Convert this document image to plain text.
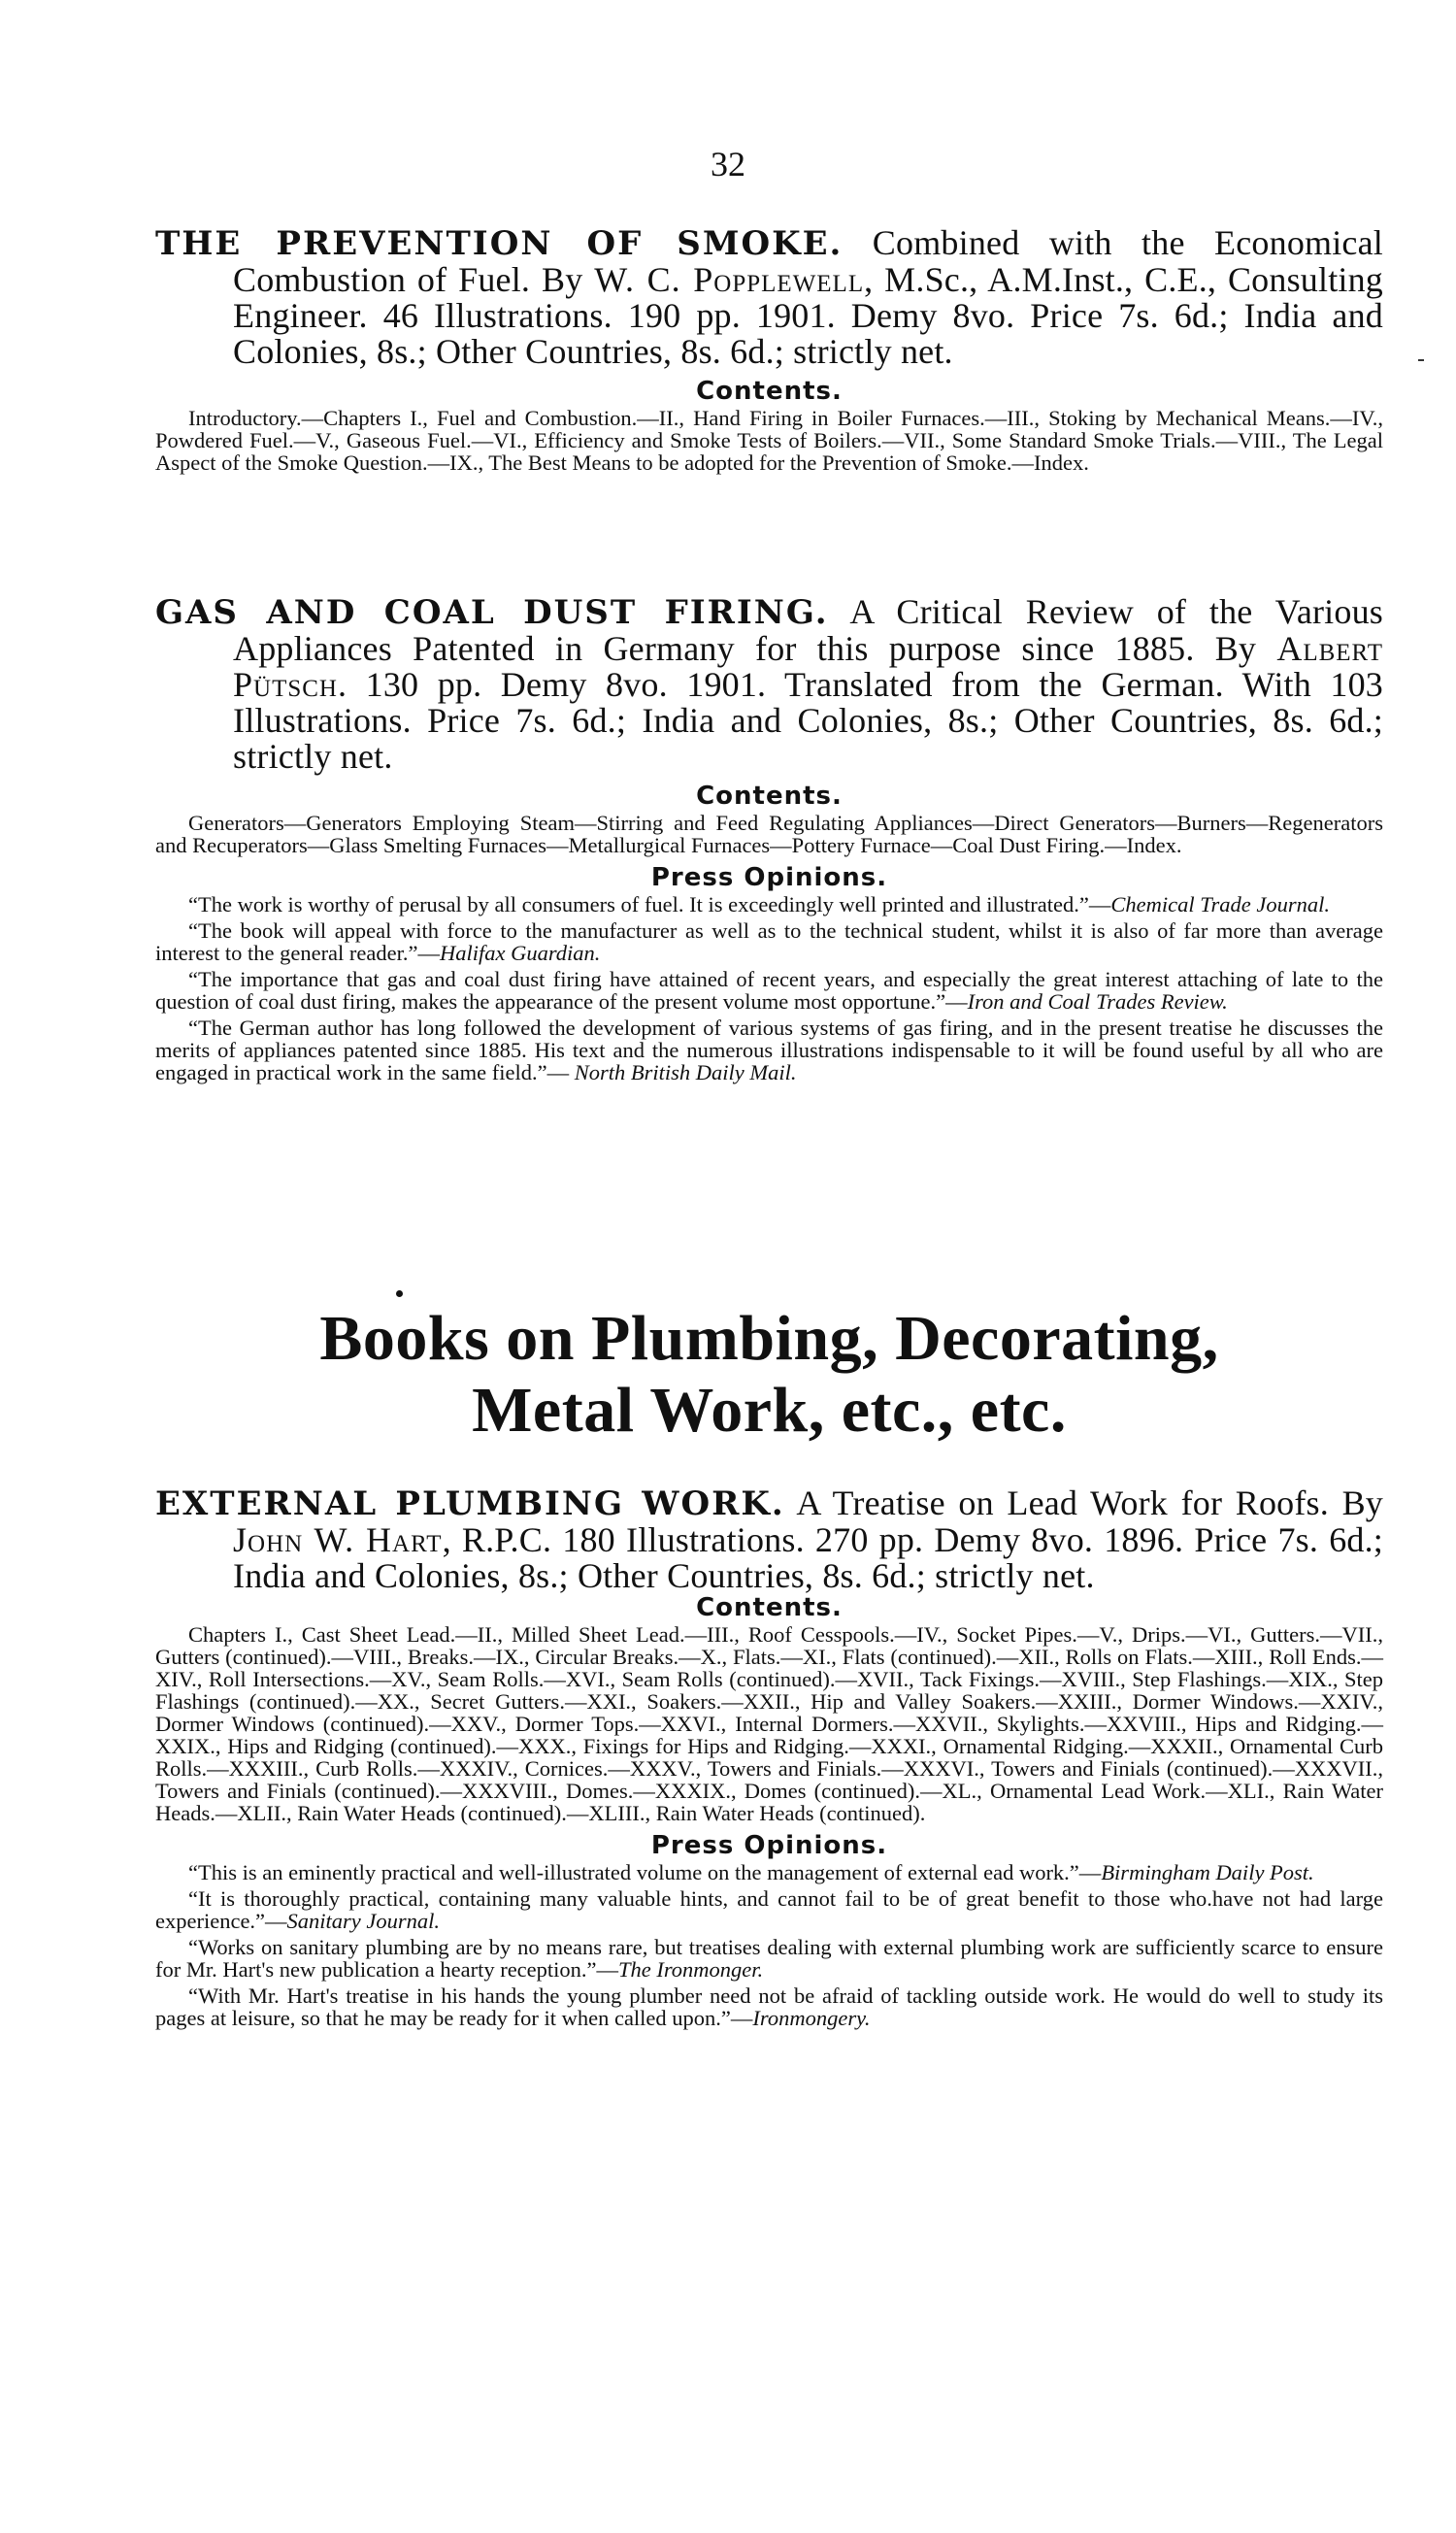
32

THE PREVENTION OF SMOKE. Combined with the Economical Combustion of Fuel. By W. C. Popplewell, M.Sc., A.M.Inst., C.E., Consulting Engineer. 46 Illustrations. 190 pp. 1901. Demy 8vo. Price 7s. 6d.; India and Colonies, 8s.; Other Countries, 8s. 6d.; strictly net.

Contents.

Introductory.—Chapters I., Fuel and Combustion.—II., Hand Firing in Boiler Furnaces.—III., Stoking by Mechanical Means.—IV., Powdered Fuel.—V., Gaseous Fuel.—VI., Efficiency and Smoke Tests of Boilers.—VII., Some Standard Smoke Trials.—VIII., The Legal Aspect of the Smoke Question.—IX., The Best Means to be adopted for the Prevention of Smoke.—Index.

GAS AND COAL DUST FIRING. A Critical Review of the Various Appliances Patented in Germany for this purpose since 1885. By Albert Pütsch. 130 pp. Demy 8vo. 1901. Translated from the German. With 103 Illustrations. Price 7s. 6d.; India and Colonies, 8s.; Other Countries, 8s. 6d.; strictly net.

Contents.

Generators—Generators Employing Steam—Stirring and Feed Regulating Appliances—Direct Generators—Burners—Regenerators and Recuperators—Glass Smelting Furnaces—Metallurgical Furnaces—Pottery Furnace—Coal Dust Firing.—Index.

Press Opinions.

“The work is worthy of perusal by all consumers of fuel. It is exceedingly well printed and illustrated.”—Chemical Trade Journal.

“The book will appeal with force to the manufacturer as well as to the technical student, whilst it is also of far more than average interest to the general reader.”—Halifax Guardian.

“The importance that gas and coal dust firing have attained of recent years, and especially the great interest attaching of late to the question of coal dust firing, makes the appearance of the present volume most opportune.”—Iron and Coal Trades Review.

“The German author has long followed the development of various systems of gas firing, and in the present treatise he discusses the merits of appliances patented since 1885. His text and the numerous illustrations indispensable to it will be found useful by all who are engaged in practical work in the same field.”— North British Daily Mail.

Books on Plumbing, Decorating,
Metal Work, etc., etc.

EXTERNAL PLUMBING WORK. A Treatise on Lead Work for Roofs. By John W. Hart, R.P.C. 180 Illustrations. 270 pp. Demy 8vo. 1896. Price 7s. 6d.; India and Colonies, 8s.; Other Countries, 8s. 6d.; strictly net.

Contents.

Chapters I., Cast Sheet Lead.—II., Milled Sheet Lead.—III., Roof Cesspools.—IV., Socket Pipes.—V., Drips.—VI., Gutters.—VII., Gutters (continued).—VIII., Breaks.—IX., Circular Breaks.—X., Flats.—XI., Flats (continued).—XII., Rolls on Flats.—XIII., Roll Ends.—XIV., Roll Intersections.—XV., Seam Rolls.—XVI., Seam Rolls (continued).—XVII., Tack Fixings.—XVIII., Step Flashings.—XIX., Step Flashings (continued).—XX., Secret Gutters.—XXI., Soakers.—XXII., Hip and Valley Soakers.—XXIII., Dormer Windows.—XXIV., Dormer Windows (continued).—XXV., Dormer Tops.—XXVI., Internal Dormers.—XXVII., Skylights.—XXVIII., Hips and Ridging.—XXIX., Hips and Ridging (continued).—XXX., Fixings for Hips and Ridging.—XXXI., Ornamental Ridging.—XXXII., Ornamental Curb Rolls.—XXXIII., Curb Rolls.—XXXIV., Cornices.—XXXV., Towers and Finials.—XXXVI., Towers and Finials (continued).—XXXVII., Towers and Finials (continued).—XXXVIII., Domes.—XXXIX., Domes (continued).—XL., Ornamental Lead Work.—XLI., Rain Water Heads.—XLII., Rain Water Heads (continued).—XLIII., Rain Water Heads (continued).

Press Opinions.

“This is an eminently practical and well-illustrated volume on the management of external ead work.”—Birmingham Daily Post.

“It is thoroughly practical, containing many valuable hints, and cannot fail to be of great benefit to those who.have not had large experience.”—Sanitary Journal.

“Works on sanitary plumbing are by no means rare, but treatises dealing with external plumbing work are sufficiently scarce to ensure for Mr. Hart's new publication a hearty reception.”—The Ironmonger.

“With Mr. Hart's treatise in his hands the young plumber need not be afraid of tackling outside work. He would do well to study its pages at leisure, so that he may be ready for it when called upon.”—Ironmongery.
